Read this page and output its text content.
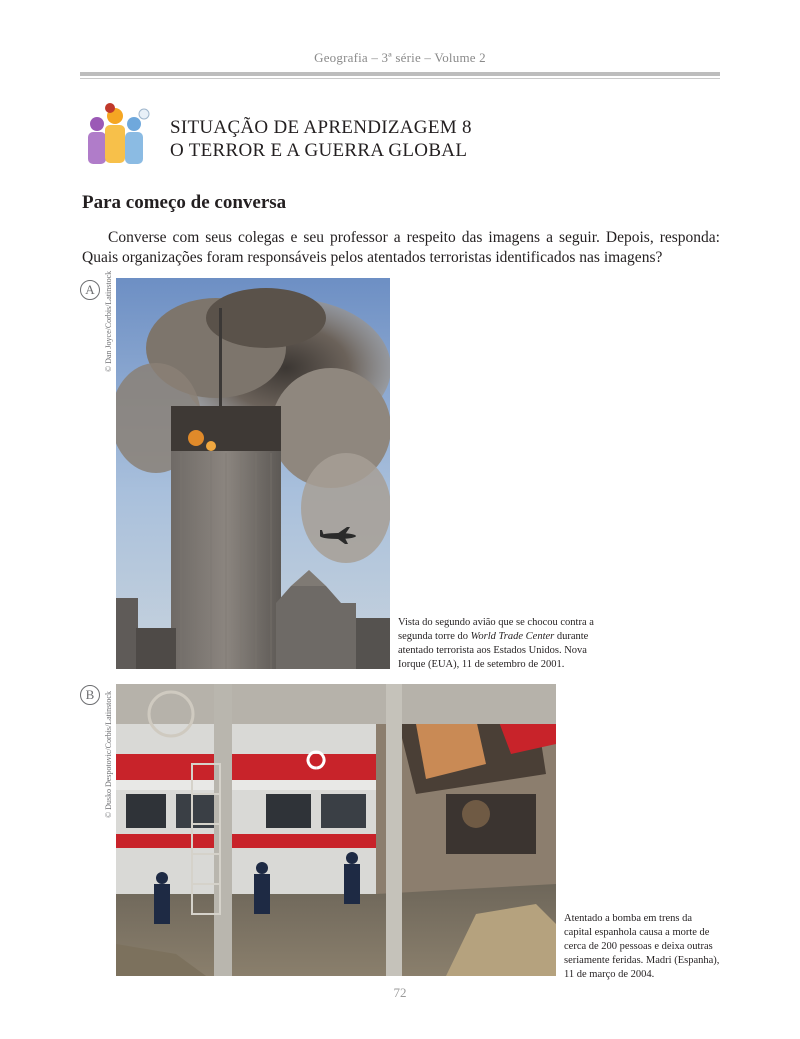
Geografia – 3ª série – Volume 2
SITUAÇÃO DE APRENDIZAGEM 8
O TERROR E A GUERRA GLOBAL
Para começo de conversa
Converse com seus colegas e seu professor a respeito das imagens a seguir. Depois, responda: Quais organizações foram responsáveis pelos atentados terroristas identificados nas imagens?
A	© Dan Joyce/Corbis/Latinstock
Vista do segundo avião que se chocou contra a segunda torre do World Trade Center durante atentado terrorista aos Estados Unidos. Nova Iorque (EUA), 11 de setembro de 2001.
B	© Dusko Despotovic/Corbis/Latinstock
Atentado a bomba em trens da capital espanhola causa a morte de cerca de 200 pessoas e deixa outras seriamente feridas. Madri (Espanha), 11 de março de 2004.
72
